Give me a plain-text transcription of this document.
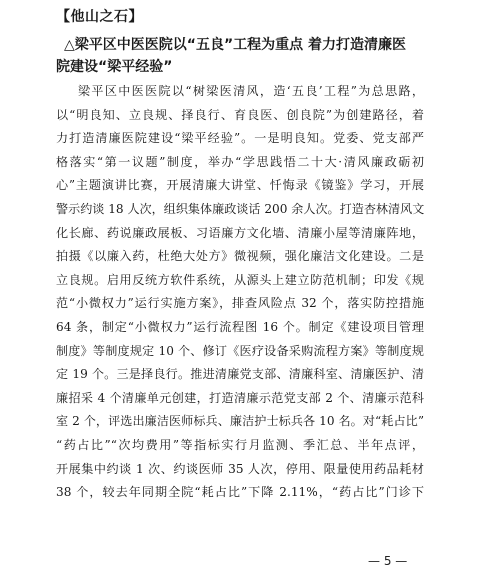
【他山之石】
△梁平区中医医院以“五良”工程为重点 着力打造清廉医
院建设“梁平经验”
梁平区中医医院以“树梁医清风，造‘五良’工程”为总思路，
以“明良知、立良规、择良行、育良医、创良院”为创建路径，着
力打造清廉医院建设“梁平经验”。一是明良知。党委、党支部严
格落实“第一议题”制度，举办“学思践悟二十大·清风廉政砺初
心”主题演讲比赛，开展清廉大讲堂、忏悔录《镜鉴》学习，开展
警示约谈 18 人次，组织集体廉政谈话 200 余人次。打造杏林清风文
化长廊、药说廉政展板、习语廉方文化墙、清廉小屋等清廉阵地，
拍摄《以廉入药，杜绝大处方》微视频，强化廉洁文化建设。二是
立良规。启用反统方软件系统，从源头上建立防范机制；印发《规
范“小微权力”运行实施方案》，排查风险点 32 个，落实防控措施
64 条，制定“小微权力”运行流程图 16 个。制定《建设项目管理
制度》等制度规定 10 个、修订《医疗设备采购流程方案》等制度规
定 19 个。三是择良行。推进清廉党支部、清廉科室、清廉医护、清
廉招采 4 个清廉单元创建，打造清廉示范党支部 2 个、清廉示范科
室 2 个，评选出廉洁医师标兵、廉洁护士标兵各 10 名。对“耗占比”
“药占比”“次均费用”等指标实行月监测、季汇总、半年点评，
开展集中约谈 1 次、约谈医师 35 人次，停用、限量使用药品耗材
38 个，较去年同期全院“耗占比”下降 2.11%，“药占比”门诊下
— 5 —
